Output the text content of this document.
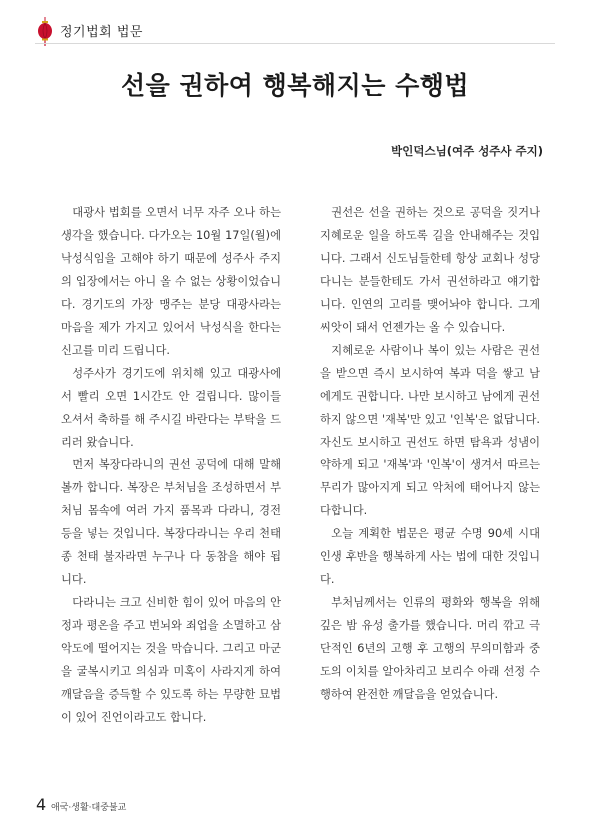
정기법회 법문
선을 권하여 행복해지는 수행법
박인덕스님(여주 성주사 주지)

대광사 법회를 오면서 너무 자주 오나 하는 생각을 했습니다. 다가오는 10월 17일(월)에 낙성식임을 고해야 하기 때문에 성주사 주지의 입장에서는 아니 올 수 없는 상황이었습니다. 경기도의 가장 맹주는 분당 대광사라는 마음을 제가 가지고 있어서 낙성식을 한다는 신고를 미리 드립니다.

성주사가 경기도에 위치해 있고 대광사에서 빨리 오면 1시간도 안 걸립니다. 많이들 오셔서 축하를 해 주시길 바란다는 부탁을 드리러 왔습니다.

먼저 복장다라니의 권선 공덕에 대해 말해볼까 합니다. 복장은 부처님을 조성하면서 부처님 몸속에 여러 가지 품목과 다라니, 경전 등을 넣는 것입니다. 복장다라니는 우리 천태종 천태 불자라면 누구나 다 동참을 해야 됩니다.

다라니는 크고 신비한 힘이 있어 마음의 안정과 평온을 주고 번뇌와 죄업을 소멸하고 삼악도에 떨어지는 것을 막습니다. 그리고 마군을 굴복시키고 의심과 미혹이 사라지게 하여 깨달음을 증득할 수 있도록 하는 무량한 묘법이 있어 진언이라고도 합니다.

권선은 선을 권하는 것으로 공덕을 짓거나 지혜로운 일을 하도록 길을 안내해주는 것입니다. 그래서 신도님들한테 항상 교회나 성당 다니는 분들한테도 가서 권선하라고 얘기합니다. 인연의 고리를 맺어놔야 합니다. 그게 씨앗이 돼서 언젠가는 올 수 있습니다.

지혜로운 사람이나 복이 있는 사람은 권선을 받으면 즉시 보시하여 복과 덕을 쌓고 남에게도 권합니다. 나만 보시하고 남에게 권선하지 않으면 '재복'만 있고 '인복'은 없답니다. 자신도 보시하고 권선도 하면 탐욕과 성냄이 약하게 되고 '재복'과 '인복'이 생겨서 따르는 무리가 많아지게 되고 악처에 태어나지 않는다합니다.

오늘 계획한 법문은 평균 수명 90세 시대 인생 후반을 행복하게 사는 법에 대한 것입니다.

부처님께서는 인류의 평화와 행복을 위해 깊은 밤 유성 출가를 했습니다. 머리 깎고 극단적인 6년의 고행 후 고행의 무의미함과 중도의 이치를 알아차리고 보리수 아래 선정 수행하여 완전한 깨달음을 얻었습니다.

4 애국·생활·대중불교
